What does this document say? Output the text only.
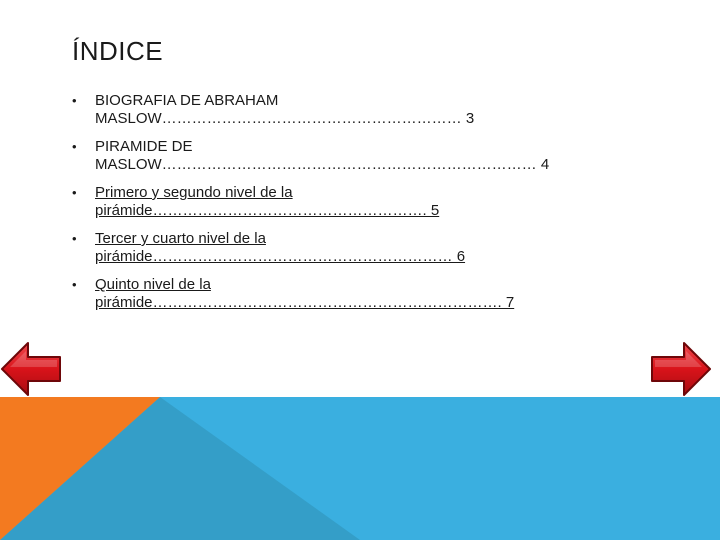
ÍNDICE
• BIOGRAFIA DE ABRAHAM
MASLOW…………………………………………………… 3
• PIRAMIDE DE
MASLOW………………………………………………………………… 4
• Primero y segundo nivel de la
pirámide………………………………………………. 5
• Tercer y cuarto nivel de la
pirámide…………………………………………………… 6
• Quinto nivel de la
pirámide……………………………………………………………. 7
